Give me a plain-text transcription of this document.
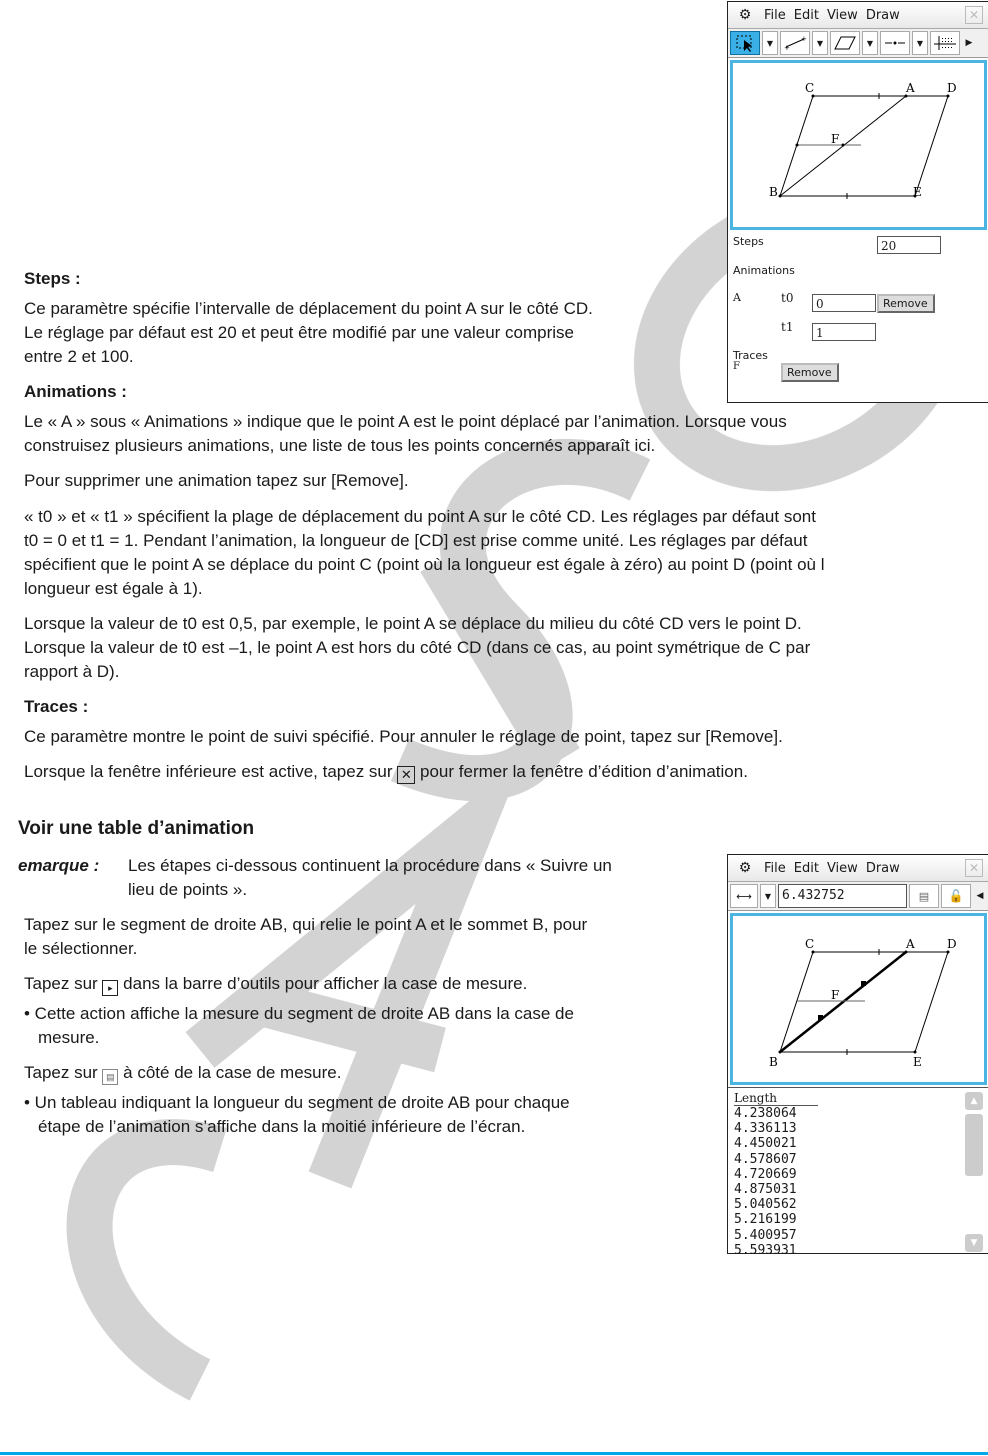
Steps :
Ce paramètre spécifie l’intervalle de déplacement du point A sur le côté CD.
Le réglage par défaut est 20 et peut être modifié par une valeur comprise
entre 2 et 100.
Animations :
Le « A » sous « Animations » indique que le point A est le point déplacé par l’animation. Lorsque vous
construisez plusieurs animations, une liste de tous les points concernés apparaît ici.
Pour supprimer une animation tapez sur [Remove].
« t0 » et « t1 » spécifient la plage de déplacement du point A sur le côté CD. Les réglages par défaut sont
t0 = 0 et t1 = 1. Pendant l’animation, la longueur de [CD] est prise comme unité. Les réglages par défaut
spécifient que le point A se déplace du point C (point où la longueur est égale à zéro) au point D (point où l
longueur est égale à 1).
Lorsque la valeur de t0 est 0,5, par exemple, le point A se déplace du milieu du côté CD vers le point D.
Lorsque la valeur de t0 est –1, le point A est hors du côté CD (dans ce cas, au point symétrique de C par
rapport à D).
Traces :
Ce paramètre montre le point de suivi spécifié. Pour annuler le réglage de point, tapez sur [Remove].
Lorsque la fenêtre inférieure est active, tapez sur ✕ pour fermer la fenêtre d’édition d’animation.
Voir une table d’animation
emarque : Les étapes ci-dessous continuent la procédure dans « Suivre un
lieu de points ».
Tapez sur le segment de droite AB, qui relie le point A et le sommet B, pour
le sélectionner.
Tapez sur ▸ dans la barre d’outils pour afficher la case de mesure.
• Cette action affiche la mesure du segment de droite AB dans la case de
mesure.
Tapez sur ▤ à côté de la case de mesure.
• Un tableau indiquant la longueur du segment de droite AB pour chaque
étape de l’animation s’affiche dans la moitié inférieure de l’écran.
⚙ File Edit View Draw	✕
▼
+
+	▼	▼	▼	▶
C	A	D
F
B	E
Steps	20
Animations
A	t0	0	Remove
t1	1
Traces
F	Remove
⚙ File Edit View Draw	✕
⟷	▼ 6.432752	▤	🔓	◀
C	A	D
F
B	E
Length
4.238064
4.336113
4.450021
4.578607
4.720669
4.875031
5.040562
5.216199
5.400957
5.593931
▲
▼
